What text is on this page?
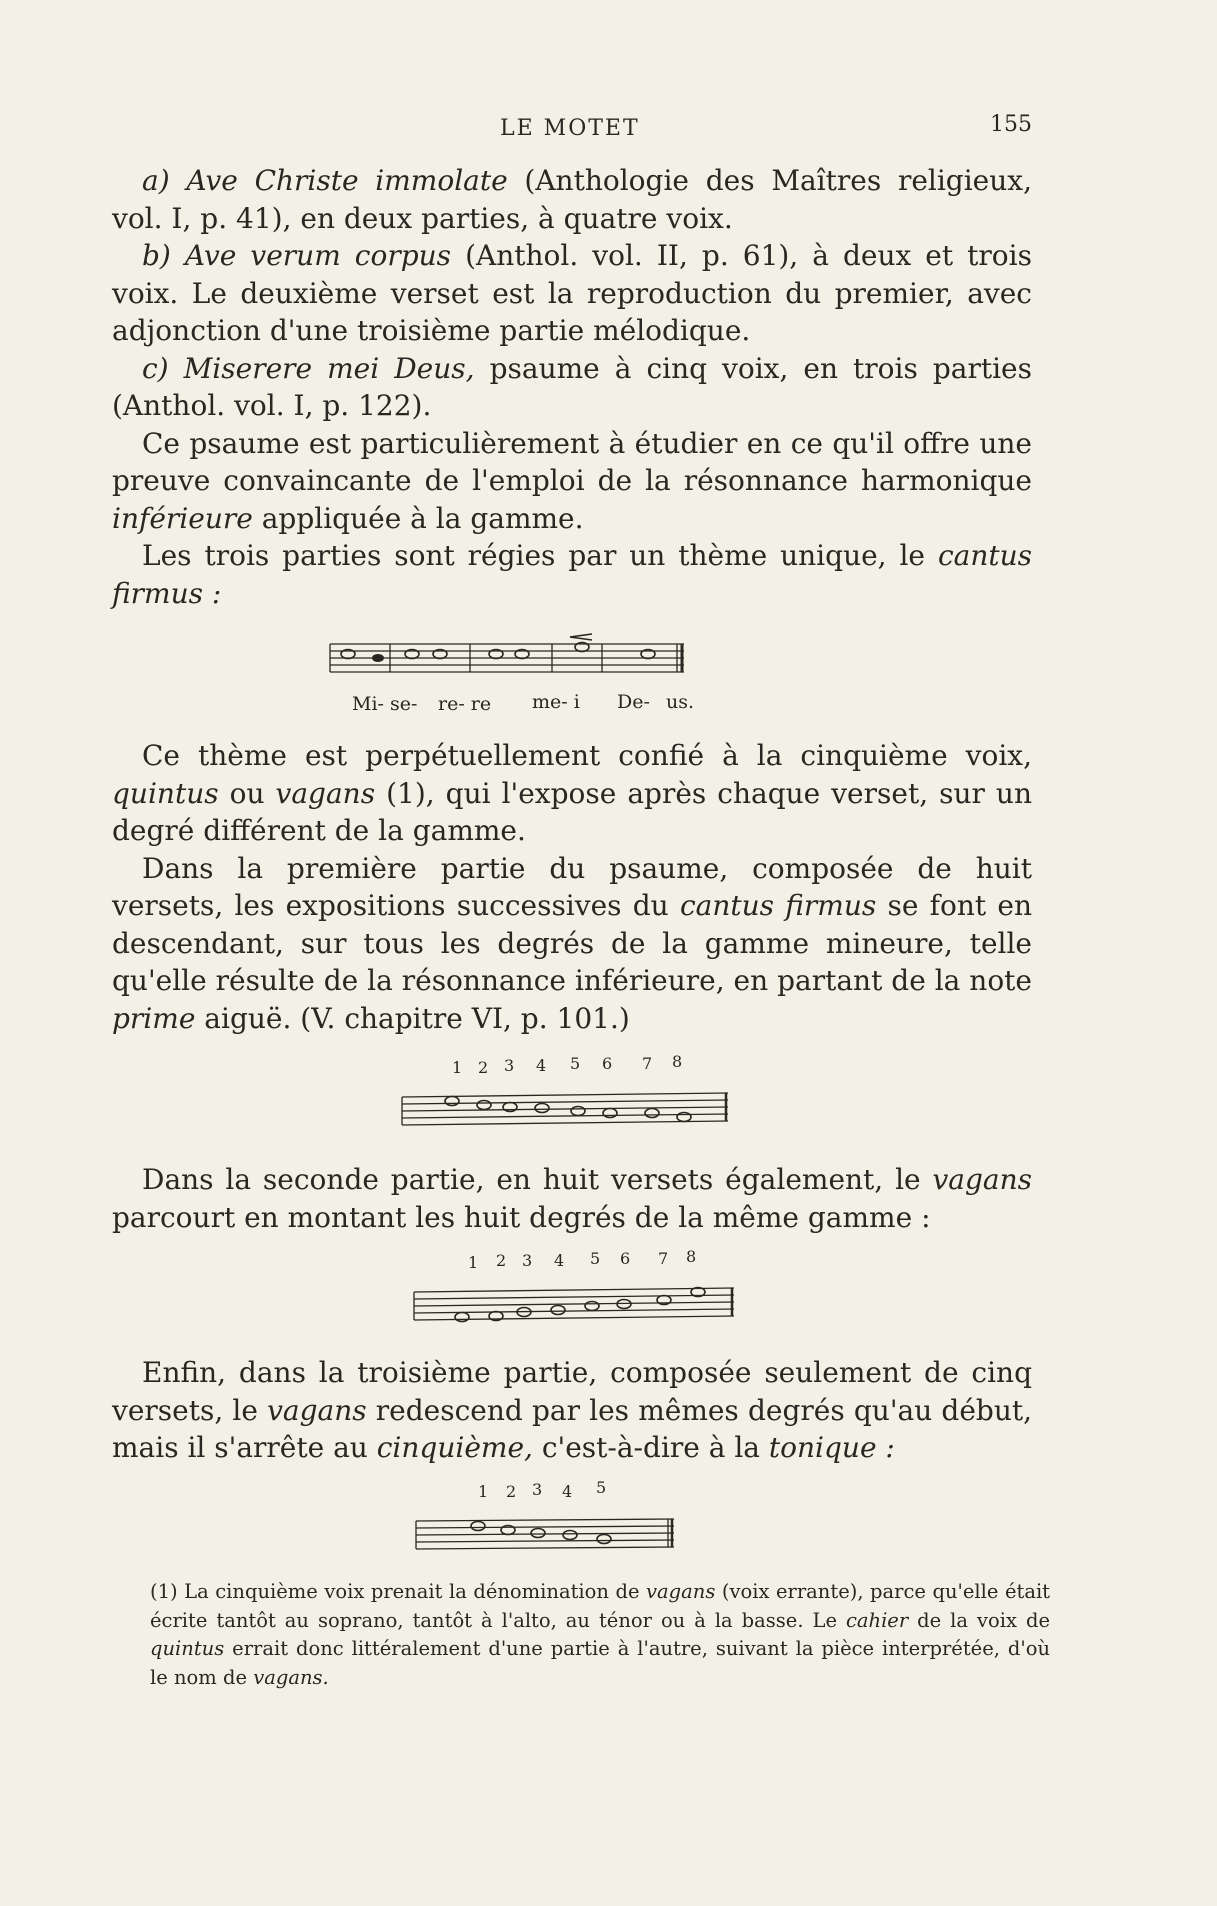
LE MOTET	155

a) Ave Christe immolate (Anthologie des Maîtres religieux, vol. I, p. 41), en deux parties, à quatre voix.

b) Ave verum corpus (Anthol. vol. II, p. 61), à deux et trois voix. Le deuxième verset est la reproduction du premier, avec adjonction d'une troisième partie mélodique.

c) Miserere mei Deus, psaume à cinq voix, en trois parties (Anthol. vol. I, p. 122).

Ce psaume est particulièrement à étudier en ce qu'il offre une preuve convaincante de l'emploi de la résonnance harmonique inférieure appliquée à la gamme.

Les trois parties sont régies par un thème unique, le cantus firmus :

Mi- se- re- re me- i De- us.

Ce thème est perpétuellement confié à la cinquième voix, quintus ou vagans (1), qui l'expose après chaque verset, sur un degré différent de la gamme.

Dans la première partie du psaume, composée de huit versets, les expositions successives du cantus firmus se font en descendant, sur tous les degrés de la gamme mineure, telle qu'elle résulte de la résonnance inférieure, en partant de la note prime aiguë. (V. chapitre VI, p. 101.)

1 2 3 4 5 6 7 8

Dans la seconde partie, en huit versets également, le vagans parcourt en montant les huit degrés de la même gamme :

1 2 3 4 5 6 7 8

Enfin, dans la troisième partie, composée seulement de cinq versets, le vagans redescend par les mêmes degrés qu'au début, mais il s'arrête au cinquième, c'est-à-dire à la tonique :

1 2 3 4 5

(1) La cinquième voix prenait la dénomination de vagans (voix errante), parce qu'elle était écrite tantôt au soprano, tantôt à l'alto, au ténor ou à la basse. Le cahier de la voix de quintus errait donc littéralement d'une partie à l'autre, suivant la pièce interprétée, d'où le nom de vagans.
